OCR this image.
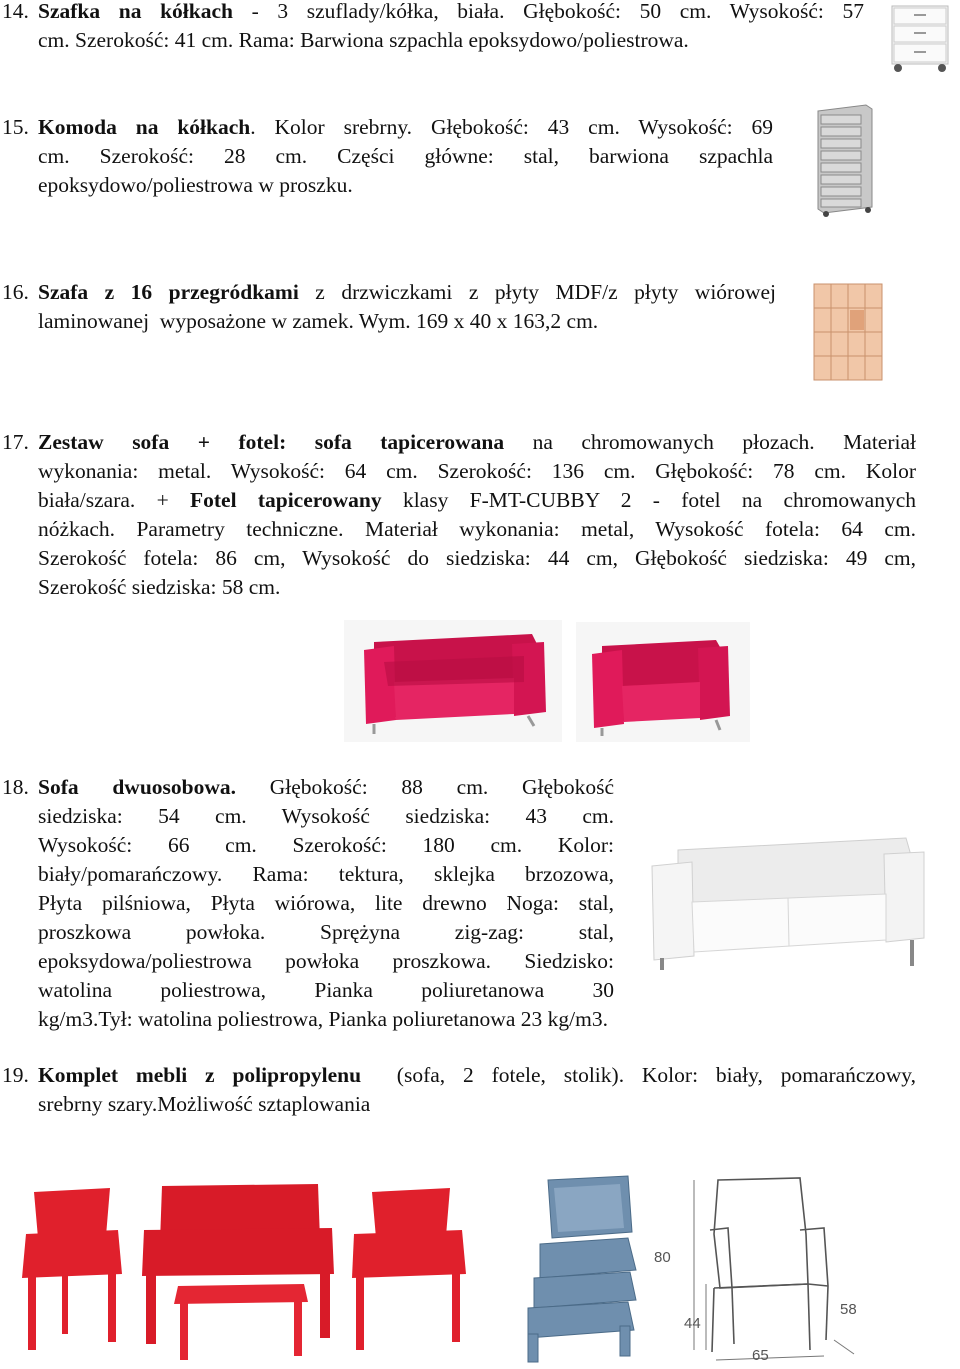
14. Szafka na kółkach - 3 szuflady/kółka, biała. Głębokość: 50 cm. Wysokość: 57
cm. Szerokość: 41 cm. Rama: Barwiona szpachla epoksydowo/poliestrowa.
15. Komoda na kółkach. Kolor srebrny. Głębokość: 43 cm. Wysokość: 69
cm. Szerokość: 28 cm. Części główne: stal, barwiona szpachla
epoksydowo/poliestrowa w proszku.
16. Szafa z 16 przegródkami z drzwiczkami z płyty MDF/z płyty wiórowej
laminowanej  wyposażone w zamek. Wym. 169 x 40 x 163,2 cm.
17. Zestaw sofa + fotel: sofa tapicerowana na chromowanych płozach. Materiał
wykonania: metal. Wysokość: 64 cm. Szerokość: 136 cm. Głębokość: 78 cm. Kolor
biała/szara. + Fotel tapicerowany klasy F-MT-CUBBY 2 - fotel na chromowanych
nóżkach. Parametry techniczne. Materiał wykonania: metal, Wysokość fotela: 64 cm.
Szerokość fotela: 86 cm, Wysokość do siedziska: 44 cm, Głębokość siedziska: 49 cm,
Szerokość siedziska: 58 cm.
18. Sofa dwuosobowa. Głębokość: 88 cm. Głębokość
siedziska: 54 cm. Wysokość siedziska: 43 cm.
Wysokość: 66 cm. Szerokość: 180 cm. Kolor:
biały/pomarańczowy. Rama: tektura, sklejka brzozowa,
Płyta pilśniowa, Płyta wiórowa, lite drewno Noga: stal,
proszkowa powłoka. Sprężyna zig-zag: stal,
epoksydowa/poliestrowa powłoka proszkowa. Siedzisko:
watolina poliestrowa, Pianka poliuretanowa 30
kg/m3.Tył: watolina poliestrowa, Pianka poliuretanowa 23 kg/m3.
19. Komplet mebli z polipropylenu  (sofa, 2 fotele, stolik). Kolor: biały, pomarańczowy,
srebrny szary.Możliwość sztaplowania
80
44
58
65
